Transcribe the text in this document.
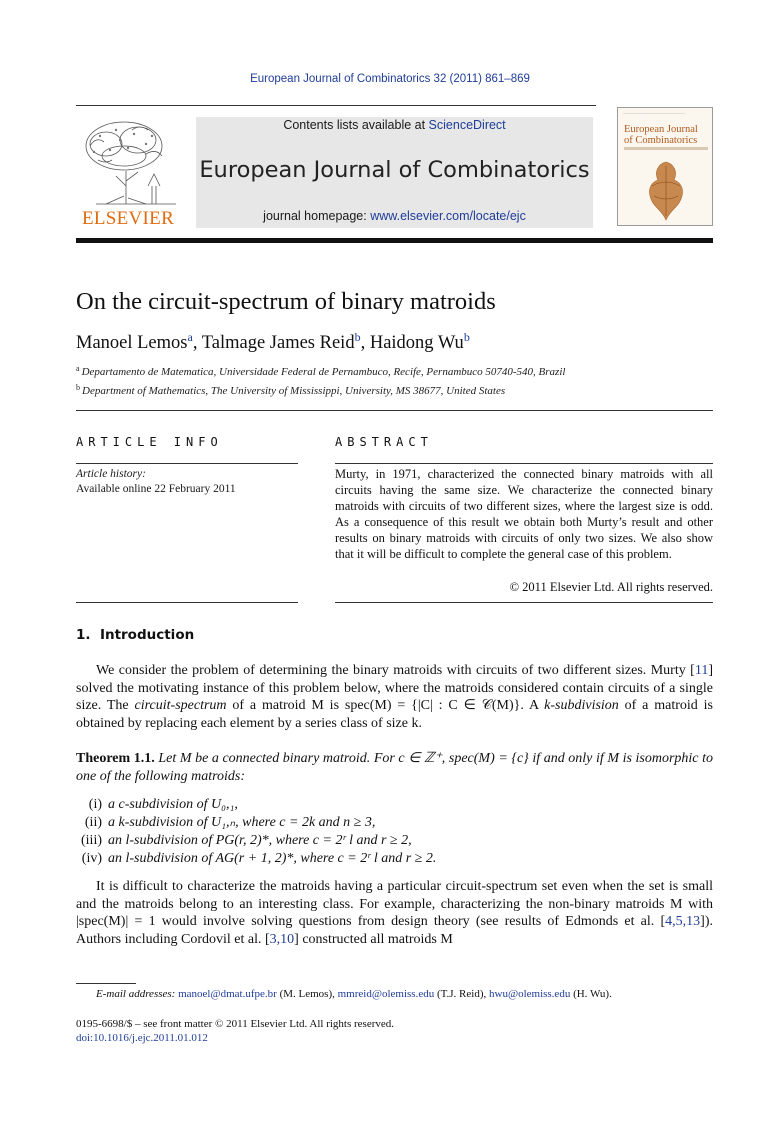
European Journal of Combinatorics 32 (2011) 861–869
ELSEVIER
Contents lists available at ScienceDirect
European Journal of Combinatorics
journal homepage: www.elsevier.com/locate/ejc
─────────────────────────
European Journal of Combinatorics
On the circuit-spectrum of binary matroids
Manoel Lemos$^a$, Talmage James Reid$^b$, Haidong Wu$^b$
$^a$ Departamento de Matematica, Universidade Federal de Pernambuco, Recife, Pernambuco 50740-540, Brazil
$^b$ Department of Mathematics, The University of Mississippi, University, MS 38677, United States
ARTICLE INFO
Article history:
Available online 22 February 2011
ABSTRACT
Murty, in 1971, characterized the connected binary matroids with all circuits having the same size. We characterize the connected binary matroids with circuits of two different sizes, where the largest size is odd. As a consequence of this result we obtain both Murty’s result and other results on binary matroids with circuits of only two sizes. We also show that it will be difficult to complete the general case of this problem.
© 2011 Elsevier Ltd. All rights reserved.
1. Introduction
We consider the problem of determining the binary matroids with circuits of two different sizes. Murty [11] solved the motivating instance of this problem below, where the matroids considered contain circuits of a single size. The circuit-spectrum of a matroid M is spec(M) = {|C| : C ∈ 𝒞(M)}. A k-subdivision of a matroid is obtained by replacing each element by a series class of size k.
Theorem 1.1. Let M be a connected binary matroid. For c ∈ ℤ⁺, spec(M) = {c} if and only if M is isomorphic to one of the following matroids:
(i) a c-subdivision of U₀,₁,
(ii) a k-subdivision of U₁,ₙ, where c = 2k and n ≥ 3,
(iii) an l-subdivision of PG(r, 2)*, where c = 2ʳ l and r ≥ 2,
(iv) an l-subdivision of AG(r + 1, 2)*, where c = 2ʳ l and r ≥ 2.
It is difficult to characterize the matroids having a particular circuit-spectrum set even when the set is small and the matroids belong to an interesting class. For example, characterizing the non-binary matroids M with |spec(M)| = 1 would involve solving questions from design theory (see results of Edmonds et al. [4,5,13]). Authors including Cordovil et al. [3,10] constructed all matroids M
E-mail addresses: manoel@dmat.ufpe.br (M. Lemos), mmreid@olemiss.edu (T.J. Reid), hwu@olemiss.edu (H. Wu).
0195-6698/$ – see front matter © 2011 Elsevier Ltd. All rights reserved.
doi:10.1016/j.ejc.2011.01.012
